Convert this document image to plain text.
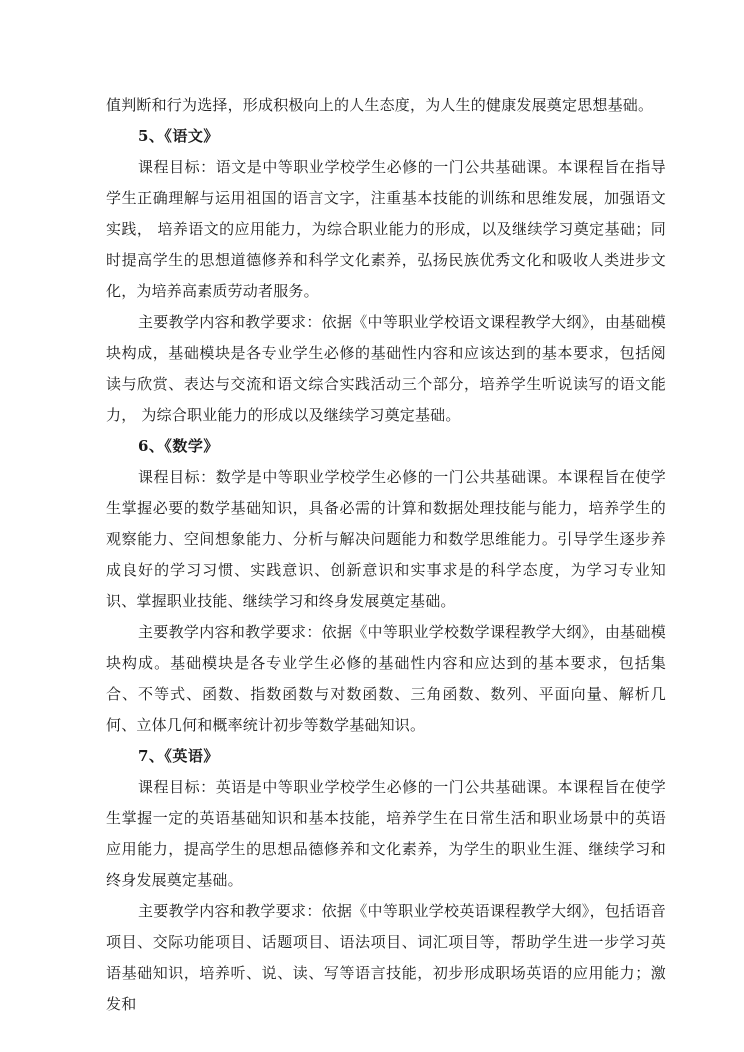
值判断和行为选择，形成积极向上的人生态度，为人生的健康发展奠定思想基础。

5、《语文》

课程目标：语文是中等职业学校学生必修的一门公共基础课。本课程旨在指导学生正确理解与运用祖国的语言文字，注重基本技能的训练和思维发展，加强语文实践， 培养语文的应用能力，为综合职业能力的形成，以及继续学习奠定基础；同时提高学生的思想道德修养和科学文化素养，弘扬民族优秀文化和吸收人类进步文化，为培养高素质劳动者服务。

主要教学内容和教学要求：依据《中等职业学校语文课程教学大纲》，由基础模块构成，基础模块是各专业学生必修的基础性内容和应该达到的基本要求，包括阅读与欣赏、表达与交流和语文综合实践活动三个部分，培养学生听说读写的语文能力， 为综合职业能力的形成以及继续学习奠定基础。

6、《数学》

课程目标：数学是中等职业学校学生必修的一门公共基础课。本课程旨在使学生掌握必要的数学基础知识，具备必需的计算和数据处理技能与能力，培养学生的观察能力、空间想象能力、分析与解决问题能力和数学思维能力。引导学生逐步养成良好的学习习惯、实践意识、创新意识和实事求是的科学态度，为学习专业知识、掌握职业技能、继续学习和终身发展奠定基础。

主要教学内容和教学要求：依据《中等职业学校数学课程教学大纲》，由基础模块构成。基础模块是各专业学生必修的基础性内容和应达到的基本要求，包括集合、不等式、函数、指数函数与对数函数、三角函数、数列、平面向量、解析几何、立体几何和概率统计初步等数学基础知识。

7、《英语》

课程目标：英语是中等职业学校学生必修的一门公共基础课。本课程旨在使学生掌握一定的英语基础知识和基本技能，培养学生在日常生活和职业场景中的英语应用能力，提高学生的思想品德修养和文化素养，为学生的职业生涯、继续学习和终身发展奠定基础。

主要教学内容和教学要求：依据《中等职业学校英语课程教学大纲》，包括语音项目、交际功能项目、话题项目、语法项目、词汇项目等，帮助学生进一步学习英语基础知识，培养听、说、读、写等语言技能，初步形成职场英语的应用能力；激发和
